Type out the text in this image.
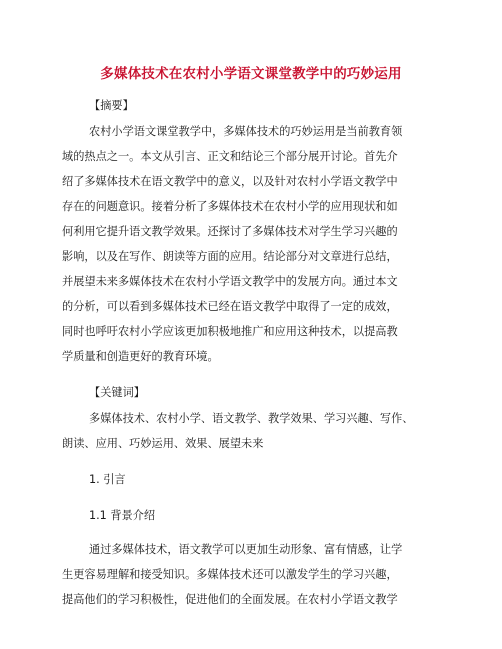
多媒体技术在农村小学语文课堂教学中的巧妙运用
【摘要】
农村小学语文课堂教学中，多媒体技术的巧妙运用是当前教育领
域的热点之一。本文从引言、正文和结论三个部分展开讨论。首先介
绍了多媒体技术在语文教学中的意义，以及针对农村小学语文教学中
存在的问题意识。接着分析了多媒体技术在农村小学的应用现状和如
何利用它提升语文教学效果。还探讨了多媒体技术对学生学习兴趣的
影响，以及在写作、朗读等方面的应用。结论部分对文章进行总结，
并展望未来多媒体技术在农村小学语文教学中的发展方向。通过本文
的分析，可以看到多媒体技术已经在语文教学中取得了一定的成效，
同时也呼吁农村小学应该更加积极地推广和应用这种技术，以提高教
学质量和创造更好的教育环境。
【关键词】
多媒体技术、农村小学、语文教学、教学效果、学习兴趣、写作、
朗读、应用、巧妙运用、效果、展望未来
1. 引言
1.1 背景介绍
通过多媒体技术，语文教学可以更加生动形象、富有情感，让学
生更容易理解和接受知识。多媒体技术还可以激发学生的学习兴趣，
提高他们的学习积极性，促进他们的全面发展。在农村小学语文教学
